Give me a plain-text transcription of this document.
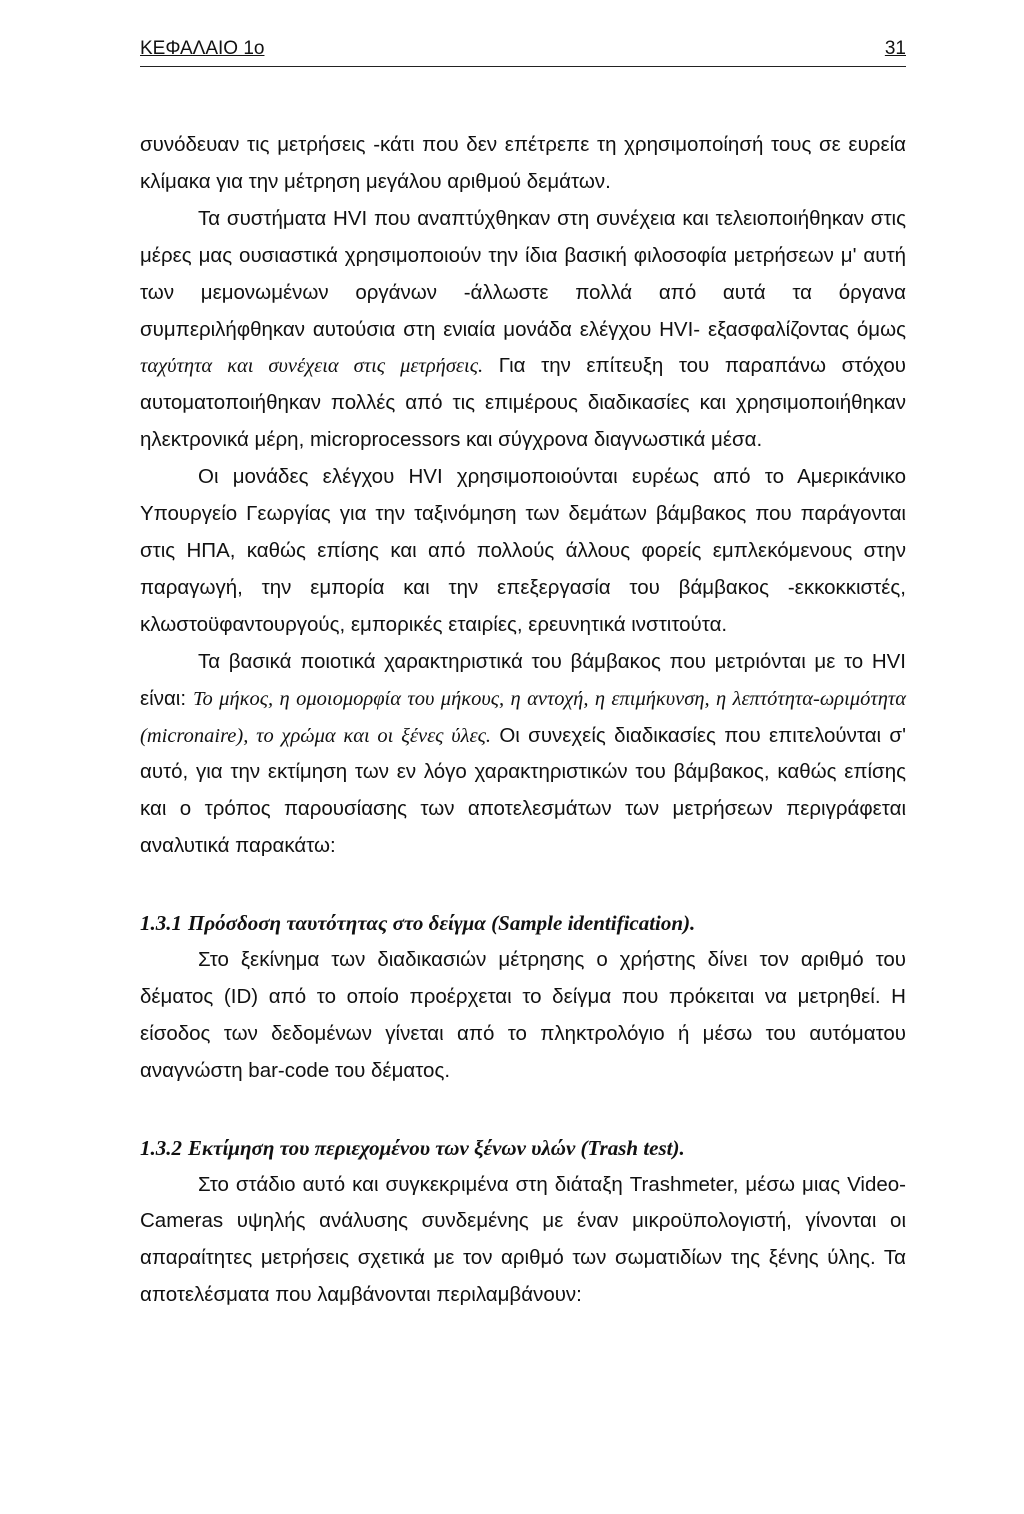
ΚΕΦΑΛΑΙΟ 1ο	31

συνόδευαν τις μετρήσεις -κάτι που δεν επέτρεπε τη χρησιμοποίησή τους σε ευρεία κλίμακα για την μέτρηση μεγάλου αριθμού δεμάτων.

Τα συστήματα HVI που αναπτύχθηκαν στη συνέχεια και τελειοποιήθηκαν στις μέρες μας ουσιαστικά χρησιμοποιούν την ίδια βασική φιλοσοφία μετρήσεων μ' αυτή των μεμονωμένων οργάνων -άλλωστε πολλά από αυτά τα όργανα συμπεριλήφθηκαν αυτούσια στη ενιαία μονάδα ελέγχου HVI- εξασφαλίζοντας όμως ταχύτητα και συνέχεια στις μετρήσεις. Για την επίτευξη του παραπάνω στόχου αυτοματοποιήθηκαν πολλές από τις επιμέρους διαδικασίες και χρησιμοποιήθηκαν ηλεκτρονικά μέρη, microprocessors και σύγχρονα διαγνωστικά μέσα.

Οι μονάδες ελέγχου HVI χρησιμοποιούνται ευρέως από το Αμερικάνικο Υπουργείο Γεωργίας για την ταξινόμηση των δεμάτων βάμβακος που παράγονται στις ΗΠΑ, καθώς επίσης και από πολλούς άλλους φορείς εμπλεκόμενους στην παραγωγή, την εμπορία και την επεξεργασία του βάμβακος -εκκοκκιστές, κλωστοϋφαντουργούς, εμπορικές εταιρίες, ερευνητικά ινστιτούτα.

Τα βασικά ποιοτικά χαρακτηριστικά του βάμβακος που μετριόνται με το HVI είναι: Το μήκος, η ομοιομορφία του μήκους, η αντοχή, η επιμήκυνση, η λεπτότητα-ωριμότητα (micronaire), το χρώμα και οι ξένες ύλες. Οι συνεχείς διαδικασίες που επιτελούνται σ' αυτό, για την εκτίμηση των εν λόγο χαρακτηριστικών του βάμβακος, καθώς επίσης και ο τρόπος παρουσίασης των αποτελεσμάτων των μετρήσεων περιγράφεται αναλυτικά παρακάτω:

1.3.1 Πρόσδοση ταυτότητας στο δείγμα (Sample identification).

Στο ξεκίνημα των διαδικασιών μέτρησης ο χρήστης δίνει τον αριθμό του δέματος (ID) από το οποίο προέρχεται το δείγμα που πρόκειται να μετρηθεί. Η είσοδος των δεδομένων γίνεται από το πληκτρολόγιο ή μέσω του αυτόματου αναγνώστη bar-code του δέματος.

1.3.2 Εκτίμηση του περιεχομένου των ξένων υλών (Trash test).

Στο στάδιο αυτό και συγκεκριμένα στη διάταξη Trashmeter, μέσω μιας Video-Cameras υψηλής ανάλυσης συνδεμένης με έναν μικροϋπολογιστή, γίνονται οι απαραίτητες μετρήσεις σχετικά με τον αριθμό των σωματιδίων της ξένης ύλης. Τα αποτελέσματα που λαμβάνονται περιλαμβάνουν:
